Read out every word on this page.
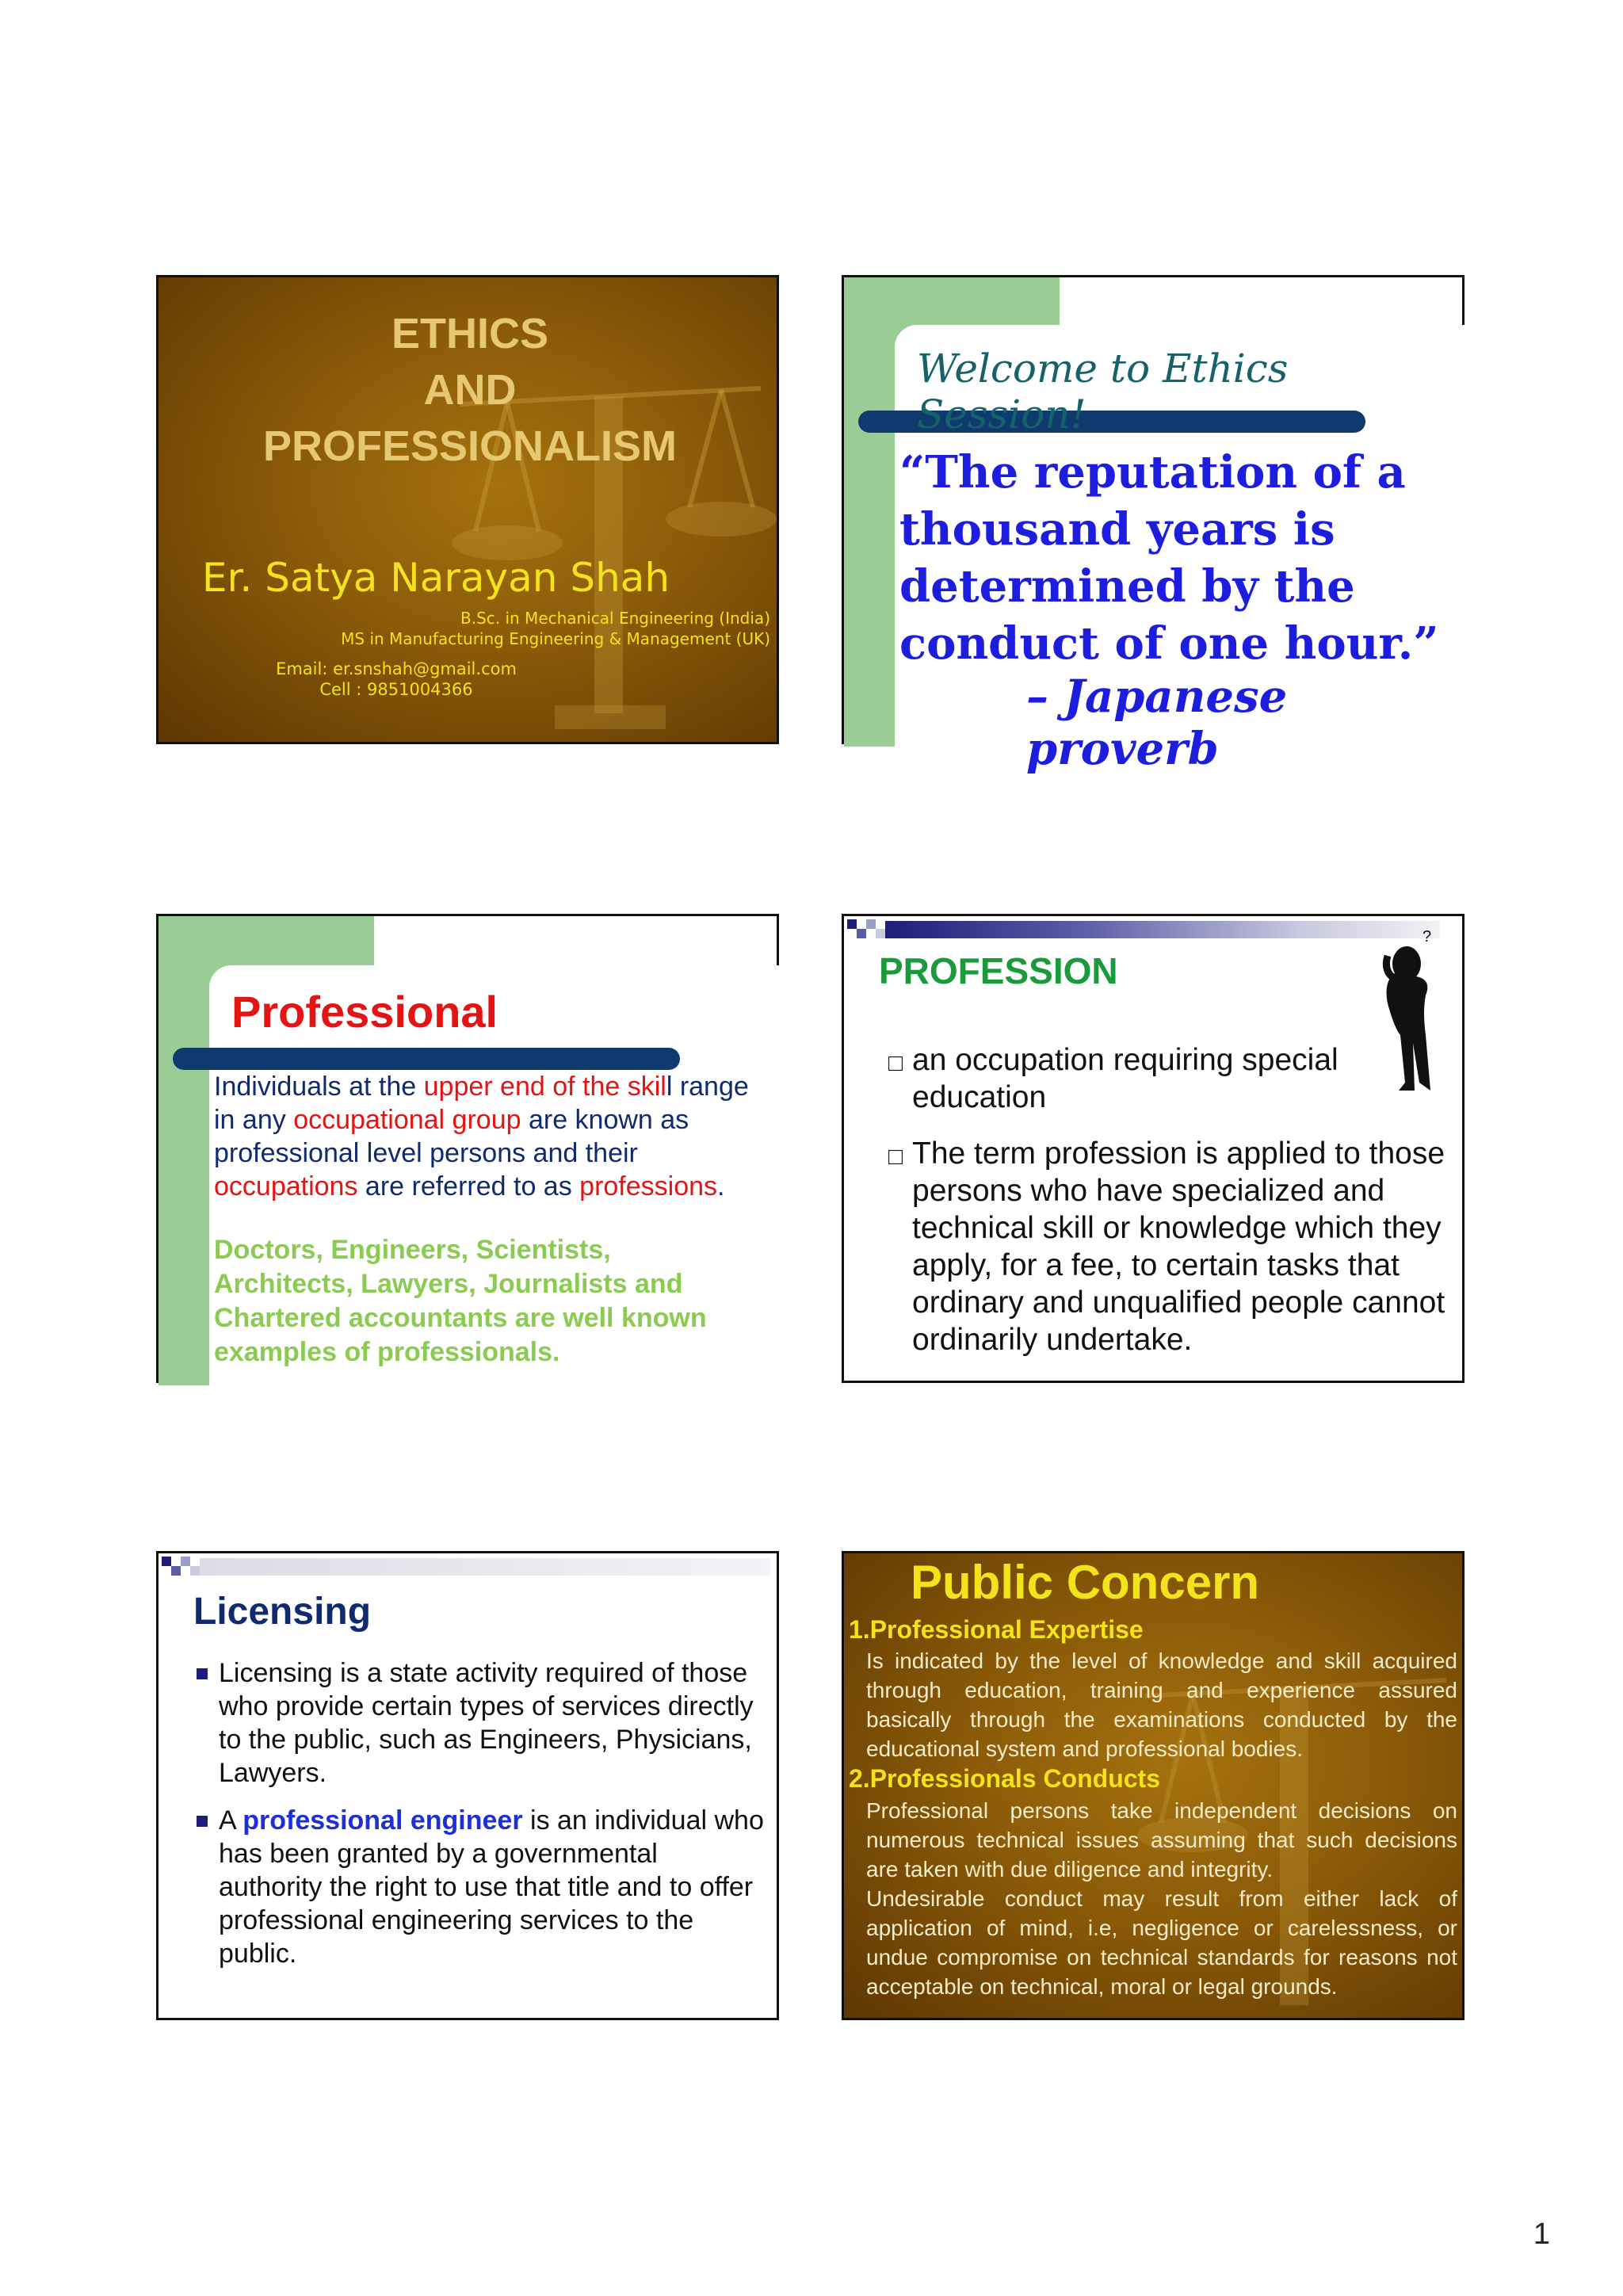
ETHICS
AND
PROFESSIONALISM
Er. Satya Narayan Shah
B.Sc. in Mechanical Engineering (India)
MS in Manufacturing Engineering & Management (UK)
Email: er.snshah@gmail.com
Cell : 9851004366
Welcome to Ethics Session!
“The reputation of a
thousand years is
determined by the
conduct of one hour.”
– Japanese proverb
Professional
Individuals at the upper end of the skill range in any occupational group are known as professional level persons and their occupations are referred to as professions.
Doctors, Engineers, Scientists, Architects, Lawyers, Journalists and Chartered accountants are well known examples of professionals.
PROFESSION
?
□ an occupation requiring special education
□ The term profession is applied to those persons who have specialized and technical skill or knowledge which they apply, for a fee, to certain tasks that ordinary and unqualified people cannot ordinarily undertake.
Licensing
Licensing is a state activity required of those who provide certain types of services directly to the public, such as Engineers, Physicians, Lawyers.
A professional engineer is an individual who has been granted by a governmental authority the right to use that title and to offer professional engineering services to the public.
Public Concern
1.Professional Expertise
Is indicated by the level of knowledge and skill acquired through education, training and experience assured basically through the examinations conducted by the educational system and professional bodies.
2.Professionals Conducts
Professional persons take independent decisions on numerous technical issues assuming that such decisions are taken with due diligence and integrity.
Undesirable conduct may result from either lack of application of mind, i.e, negligence or carelessness, or undue compromise on technical standards for reasons not acceptable on technical, moral or legal grounds.
1
